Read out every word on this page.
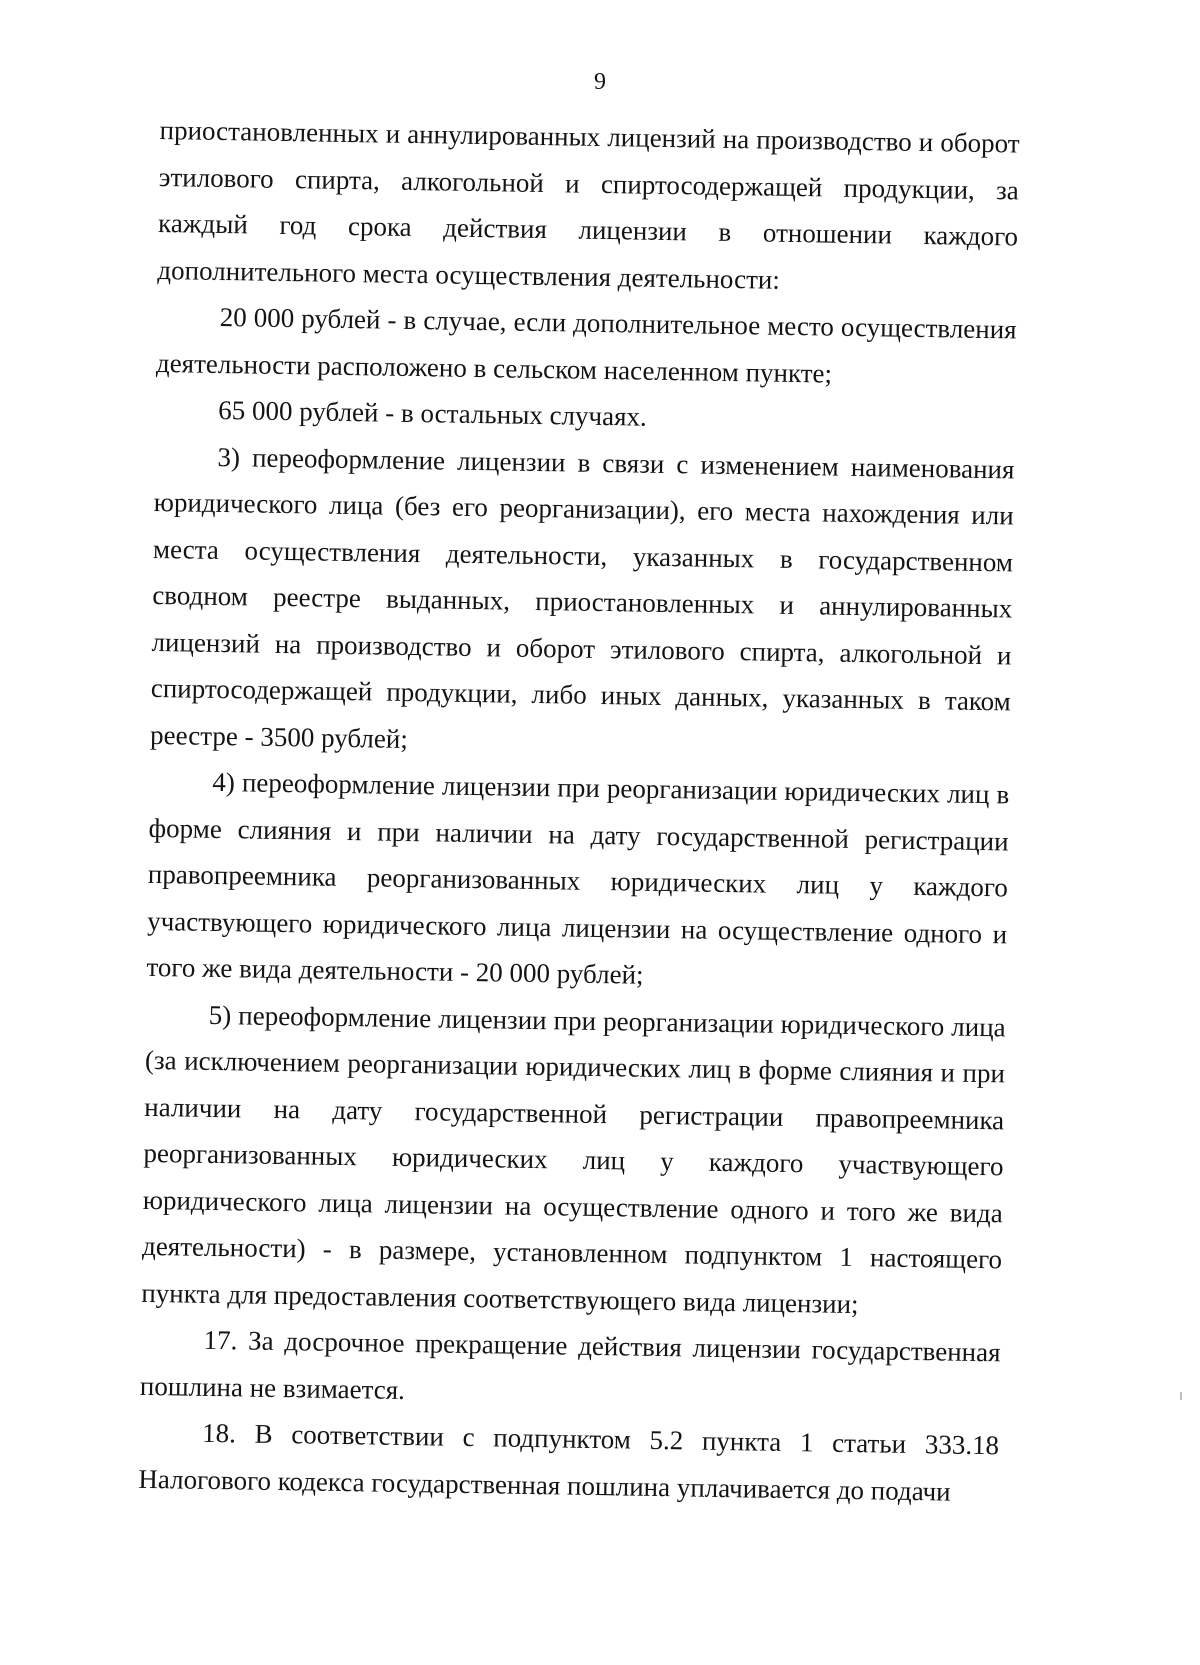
9

приостановленных и аннулированных лицензий на производство и оборот этилового спирта, алкогольной и спиртосодержащей продукции, за каждый год срока действия лицензии в отношении каждого дополнительного места осуществления деятельности:

20 000 рублей - в случае, если дополнительное место осуществления деятельности расположено в сельском населенном пункте;

65 000 рублей - в остальных случаях.

3) переоформление лицензии в связи с изменением наименования юридического лица (без его реорганизации), его места нахождения или места осуществления деятельности, указанных в государственном сводном реестре выданных, приостановленных и аннулированных лицензий на производство и оборот этилового спирта, алкогольной и спиртосодержащей продукции, либо иных данных, указанных в таком реестре - 3500 рублей;

4) переоформление лицензии при реорганизации юридических лиц в форме слияния и при наличии на дату государственной регистрации правопреемника реорганизованных юридических лиц у каждого участвующего юридического лица лицензии на осуществление одного и того же вида деятельности - 20 000 рублей;

5) переоформление лицензии при реорганизации юридического лица (за исключением реорганизации юридических лиц в форме слияния и при наличии на дату государственной регистрации правопреемника реорганизованных юридических лиц у каждого участвующего юридического лица лицензии на осуществление одного и того же вида деятельности) - в размере, установленном подпунктом 1 настоящего пункта для предоставления соответствующего вида лицензии;

17. За досрочное прекращение действия лицензии государственная пошлина не взимается.

18. В соответствии с подпунктом 5.2 пункта 1 статьи 333.18 Налогового кодекса государственная пошлина уплачивается до подачи
